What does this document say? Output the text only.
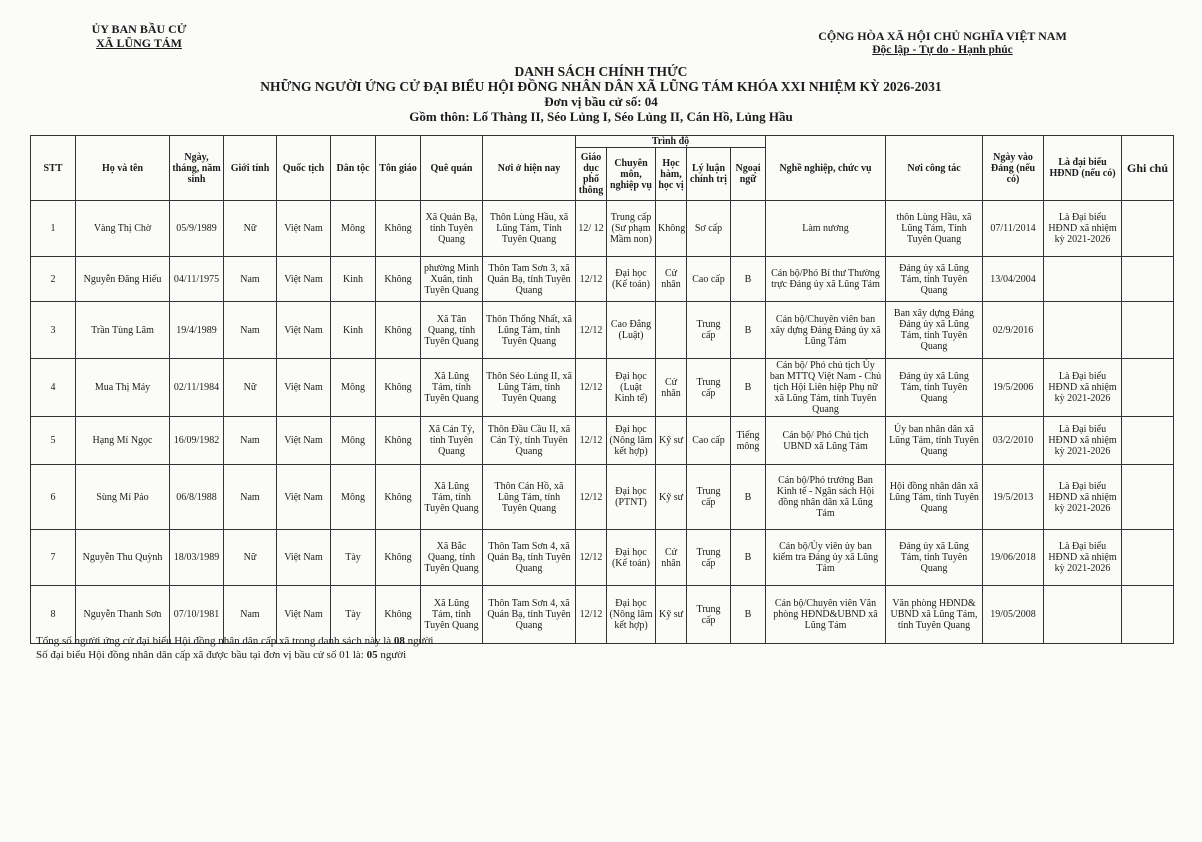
ỦY BAN BẦU CỬ
XÃ LŨNG TÁM	CỘNG HÒA XÃ HỘI CHỦ NGHĨA VIỆT NAM
Độc lập - Tự do - Hạnh phúc
DANH SÁCH CHÍNH THỨC
NHỮNG NGƯỜI ỨNG CỬ ĐẠI BIỂU HỘI ĐỒNG NHÂN DÂN XÃ LŨNG TÁM KHÓA XXI NHIỆM KỲ 2026-2031
Đơn vị bầu cử số: 04
Gồm thôn: Lố Thàng II, Séo Lủng I, Séo Lủng II, Cán Hồ, Lủng Hầu
STT	Họ và tên	Ngày, tháng, năm sinh	Giới tính	Quốc tịch	Dân tộc	Tôn giáo	Quê quán	Nơi ở hiện nay	Trình độ					Nghề nghiệp, chức vụ	Nơi công tác	Ngày vào Đảng (nếu có)	Là đại biểu HĐND (nếu có)	Ghi chú
									Giáo dục phổ thông	Chuyên môn, nghiệp vụ	Học hàm, học vị	Lý luận chính trị	Ngoại ngữ					
1	Vàng Thị Chờ	05/9/1989	Nữ	Việt Nam	Mông	Không	Xã Quản Bạ, tỉnh Tuyên Quang	Thôn Lùng Hầu, xã Lũng Tám, Tỉnh Tuyên Quang	12/ 12	Trung cấp (Sư phạm Mầm non)	Không	Sơ cấp		Làm nương	thôn Lùng Hầu, xã Lũng Tám, Tỉnh Tuyên Quang	07/11/2014	Là Đại biểu HĐND xã nhiệm kỳ 2021-2026	
2	Nguyễn Đăng Hiếu	04/11/1975	Nam	Việt Nam	Kinh	Không	phường Minh Xuân, tỉnh Tuyên Quang	Thôn Tam Sơn 3, xã Quản Bạ, tỉnh Tuyên Quang	12/12	Đại học (Kế toán)	Cử nhân	Cao cấp	B	Cán bộ/Phó Bí thư Thường trực Đảng ủy xã Lũng Tám	Đảng ủy xã Lũng Tám, tỉnh Tuyên Quang	13/04/2004		
3	Trần Tùng Lâm	19/4/1989	Nam	Việt Nam	Kinh	Không	Xã Tân Quang, tỉnh Tuyên Quang	Thôn Thống Nhất, xã Lũng Tám, tỉnh Tuyên Quang	12/12	Cao Đẳng (Luật)		Trung cấp	B	Cán bộ/Chuyên viên ban xây dựng Đảng Đảng ủy xã Lũng Tám	Ban xây dựng Đảng Đảng ủy xã Lũng Tám, tỉnh Tuyên Quang	02/9/2016		
4	Mua Thị Máy	02/11/1984	Nữ	Việt Nam	Mông	Không	Xã Lũng Tám, tỉnh Tuyên Quang	Thôn Séo Lủng II, xã Lũng Tám, tỉnh Tuyên Quang	12/12	Đại học (Luật Kinh tế)	Cử nhân	Trung cấp	B	Cán bộ/ Phó chủ tịch Ủy ban MTTQ Việt Nam - Chủ tịch Hội Liên hiệp Phụ nữ xã Lũng Tám, tỉnh Tuyên Quang	Đảng ủy xã Lũng Tám, tỉnh Tuyên Quang	19/5/2006	Là Đại biểu HĐND xã nhiệm kỳ 2021-2026	
5	Hạng Mí Ngọc	16/09/1982	Nam	Việt Nam	Mông	Không	Xã Cán Tỷ, tỉnh Tuyên Quang	Thôn Đầu Cầu II, xã Cán Tỷ, tỉnh Tuyên Quang	12/12	Đại học (Nông lâm kết hợp)	Kỹ sư	Cao cấp	Tiếng mông	Cán bộ/ Phó Chủ tịch UBND xã Lũng Tám	Ủy ban nhân dân xã Lũng Tám, tỉnh Tuyên Quang	03/2/2010	Là Đại biểu HĐND xã nhiệm kỳ 2021-2026	
6	Sùng Mí Páo	06/8/1988	Nam	Việt Nam	Mông	Không	Xã Lũng Tám, tỉnh Tuyên Quang	Thôn Cán Hồ, xã Lũng Tám, tỉnh Tuyên Quang	12/12	Đại học (PTNT)	Kỹ sư	Trung cấp	B	Cán bộ/Phó trưởng Ban Kinh tế - Ngân sách Hội đồng nhân dân xã Lũng Tám	Hội đồng nhân dân xã Lũng Tám, tỉnh Tuyên Quang	19/5/2013	Là Đại biểu HĐND xã nhiệm kỳ 2021-2026	
7	Nguyễn Thu Quỳnh	18/03/1989	Nữ	Việt Nam	Tày	Không	Xã Bắc Quang, tỉnh Tuyên Quang	Thôn Tam Sơn 4, xã Quản Bạ, tỉnh Tuyên Quang	12/12	Đại học (Kế toán)	Cử nhân	Trung cấp	B	Cán bộ/Ủy viên ủy ban kiểm tra Đảng ủy xã Lũng Tám	Đảng ủy xã Lũng Tám, tỉnh Tuyên Quang	19/06/2018	Là Đại biểu HĐND xã nhiệm kỳ 2021-2026	
8	Nguyễn Thanh Sơn	07/10/1981	Nam	Việt Nam	Tày	Không	Xã Lũng Tám, tỉnh Tuyên Quang	Thôn Tam Sơn 4, xã Quản Bạ, tỉnh Tuyên Quang	12/12	Đại học (Nông lâm kết hợp)	Kỹ sư	Trung cấp	B	Cán bộ/Chuyên viên Văn phòng HĐND&UBND xã Lũng Tám	Văn phòng HĐND& UBND xã Lũng Tám, tỉnh Tuyên Quang	19/05/2008		
Tổng số người ứng cử đại biểu Hội đồng nhân dân cấp xã trong danh sách này là 08 người
Số đại biểu Hội đồng nhân dân cấp xã được bầu tại đơn vị bầu cử số 01 là: 05 người
